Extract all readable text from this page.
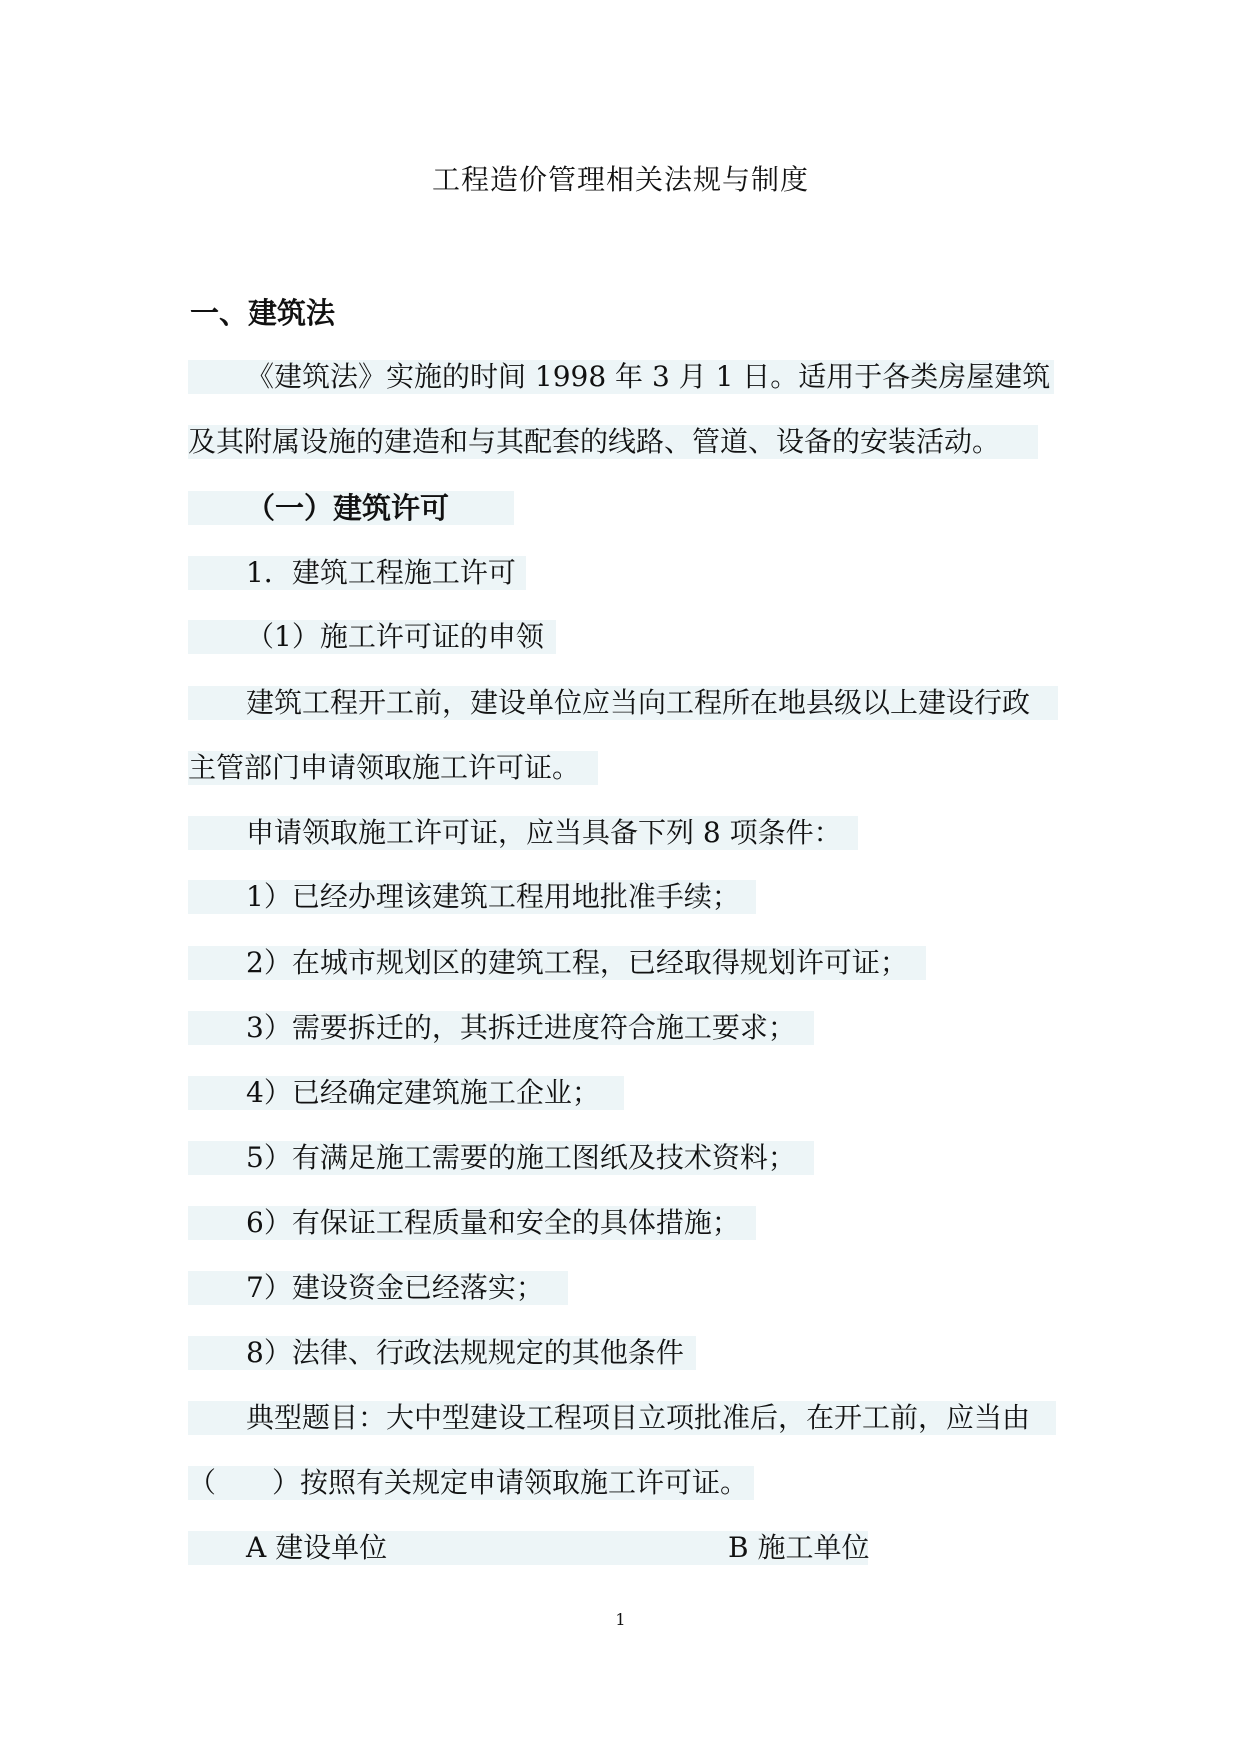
工程造价管理相关法规与制度
一、建筑法
《建筑法》实施的时间 1998 年 3 月 1 日。适用于各类房屋建筑
及其附属设施的建造和与其配套的线路、管道、设备的安装活动。
（一）建筑许可
1．建筑工程施工许可
（1）施工许可证的申领
建筑工程开工前，建设单位应当向工程所在地县级以上建设行政
主管部门申请领取施工许可证。
申请领取施工许可证，应当具备下列 8 项条件：
1）已经办理该建筑工程用地批准手续；
2）在城市规划区的建筑工程，已经取得规划许可证；
3）需要拆迁的，其拆迁进度符合施工要求；
4）已经确定建筑施工企业；
5）有满足施工需要的施工图纸及技术资料；
6）有保证工程质量和安全的具体措施；
7）建设资金已经落实；
8）法律、行政法规规定的其他条件
典型题目：大中型建设工程项目立项批准后，在开工前，应当由
（　　）按照有关规定申请领取施工许可证。
A 建设单位	B 施工单位
1
